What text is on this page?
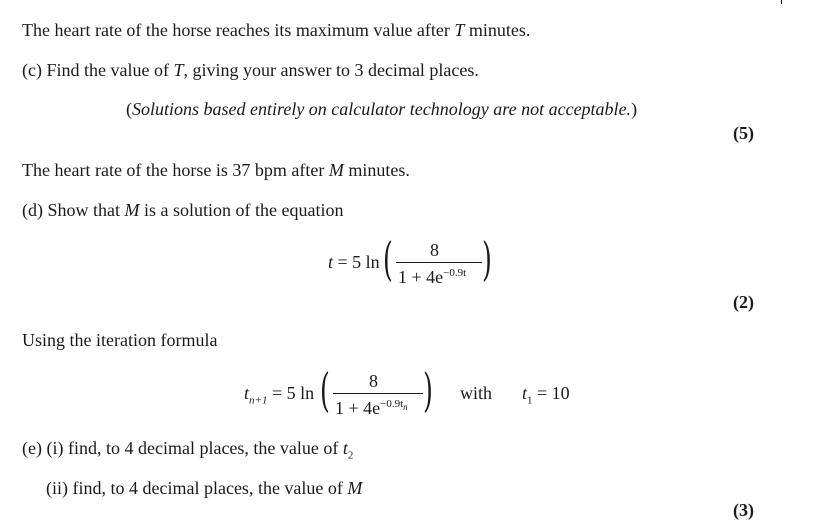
The heart rate of the horse reaches its maximum value after T minutes.
(c) Find the value of T, giving your answer to 3 decimal places.
(Solutions based entirely on calculator technology are not acceptable.)
(5)
The heart rate of the horse is 37 bpm after M minutes.
(d) Show that M is a solution of the equation
t = 5 ln ( 8
$1 + 4e^{-0.9t}$ )
(2)
Using the iteration formula
$t_{n+1} = 5$ ln ( 8
$1 + 4e^{-0.9t_n}$ ) with $t_1 = 10$
(e) (i) find, to 4 decimal places, the value of $t_2$
(ii) find, to 4 decimal places, the value of M
(3)
